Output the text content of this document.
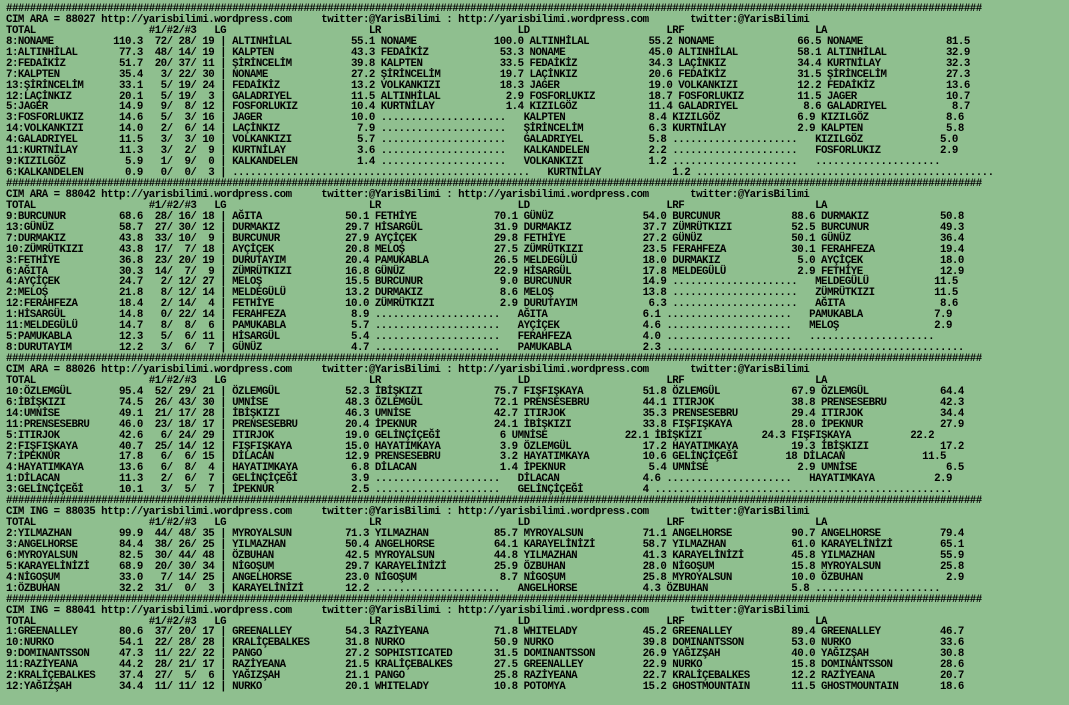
####################################################################################################################################################################
CIM ARA = 88027 http://yarisbilimi.wordpress.com     twitter:@YarisBilimi : http://yarisbilimi.wordpress.com       twitter:@YarisBilimi
TOTAL                   #1/#2/#3   LG                        LR                       LD                       LRF                      LA
8:NONAME          110.3  72/ 28/ 19 | ALTINHİLAL          55.1 NONAME             100.0 ALTINHİLAL          55.2 NONAME              66.5 NONAME              81.5
1:ALTINHİLAL       77.3  48/ 14/ 19 | KALPTEN             43.3 FEDAİKİZ            53.3 NONAME              45.0 ALTINHİLAL          58.1 ALTINHİLAL          32.9
2:FEDAİKİZ         51.7  20/ 37/ 11 | ŞİRİNCELİM          39.8 KALPTEN             33.5 FEDAİKİZ            34.3 LAÇİNKIZ            34.4 KURTNİLAY           32.3
7:KALPTEN          35.4   3/ 22/ 30 | NONAME              27.2 ŞİRİNCELİM          19.7 LAÇİNKIZ            20.6 FEDAİKİZ            31.5 ŞİRİNCELİM          27.3
13:ŞİRİNCELİM      33.1   5/ 19/ 24 | FEDAİKİZ            13.2 VOLKANKIZI          18.3 JAGER               19.0 VOLKANKIZI          12.2 FEDAİKİZ            13.6
12:LAÇİNKIZ        20.1   5/ 19/  3 | GALADRIYEL          11.5 ALTINHİLAL           2.9 FOSFORLUKIZ         18.7 FOSFORLUKIZ         11.5 JAGER               10.7
5:JAGER            14.9   9/  8/ 12 | FOSFORLUKIZ         10.4 KURTNİLAY            1.4 KIZILGÖZ            11.4 GALADRIYEL           8.6 GALADRIYEL           8.7
3:FOSFORLUKIZ      14.6   5/  3/ 16 | JAGER               10.0 .....................   KALPTEN              8.4 KIZILGÖZ             6.9 KIZILGÖZ             8.6
14:VOLKANKIZI      14.0   2/  6/ 14 | LAÇİNKIZ             7.9 .....................   ŞİRİNCELİM           6.3 KURTNİLAY            2.9 KALPTEN              5.8
4:GALADRIYEL       11.5   3/  3/ 10 | VOLKANKIZI           5.7 .....................   GALADRIYEL           5.8 .....................   KIZILGÖZ             5.0
11:KURTNİLAY       11.3   3/  2/  9 | KURTNİLAY            3.6 .....................   KALKANDELEN          2.2 .....................   FOSFORLUKIZ          2.9
9:KIZILGÖZ          5.9   1/  9/  0 | KALKANDELEN          1.4 .....................   VOLKANKIZI           1.2 .....................   .....................
6:KALKANDELEN       0.9   0/  0/  3 | ..................................................   KURTNİLAY            1.2 ..................................................
####################################################################################################################################################################
CIM ARA = 88042 http://yarisbilimi.wordpress.com     twitter:@YarisBilimi : http://yarisbilimi.wordpress.com       twitter:@YarisBilimi
TOTAL                   #1/#2/#3   LG                        LR                       LD                       LRF                      LA
9:BURCUNUR         68.6  28/ 16/ 18 | AĞITA              50.1 FETHİYE             70.1 GÜNÜZ               54.0 BURCUNUR            88.6 DURMAKIZ            50.8
13:GÜNÜZ           58.7  27/ 30/ 12 | DURMAKIZ           29.7 HİSARGÜL            31.9 DURMAKIZ            37.7 ZÜMRÜTKIZI          52.5 BURCUNUR            49.3
7:DURMAKIZ         43.8  33/ 10/  9 | BURCUNUR           27.9 AYÇİÇEK             29.8 FETHİYE             27.2 GÜNÜZ               50.1 GÜNÜZ               36.4
10:ZÜMRÜTKIZI      43.8  17/  7/ 18 | AYÇİÇEK            20.8 MELOŞ               27.5 ZÜMRÜTKIZI          23.5 FERAHFEZA           30.1 FERAHFEZA           19.4
3:FETHİYE          36.8  23/ 20/ 19 | DURUTAYIM          20.4 PAMUKABLA           26.5 MELDEGÜLÜ           18.0 DURMAKIZ             5.0 AYÇİÇEK             18.0
6:AĞITA            30.3  14/  7/  9 | ZÜMRÜTKIZI         16.8 GÜNÜZ               22.9 HİSARGÜL            17.8 MELDEGÜLÜ            2.9 FETHİYE             12.9
4:AYÇİÇEK          24.7   2/ 12/ 27 | MELOŞ              15.5 BURCUNUR             9.0 BURCUNUR            14.9 .....................   MELDEGÜLÜ           11.5
2:MELOŞ            21.8   8/ 12/ 14 | MELDEGÜLÜ          13.2 DURMAKIZ             8.6 MELOŞ               13.8 .....................   ZÜMRÜTKIZI          11.5
12:FERAHFEZA       18.4   2/ 14/  4 | FETHİYE            10.0 ZÜMRÜTKIZI           2.9 DURUTAYIM            6.3 .....................   AĞITA                8.6
1:HİSARGÜL         14.8   0/ 22/ 14 | FERAHFEZA           8.9 .....................   AĞITA                6.1 .....................   PAMUKABLA            7.9
11:MELDEGÜLÜ       14.7   8/  8/  6 | PAMUKABLA           5.7 .....................   AYÇİÇEK              4.6 .....................   MELOŞ                2.9
5:PAMUKABLA        12.3   5/  6/ 11 | HİSARGÜL            5.4 .....................   FERAHFEZA            4.0 .....................   .....................
8:DURUTAYIM        12.2   3/  6/  7 | GÜNÜZ               4.7 .....................   PAMUKABLA            2.3 ..................................................
####################################################################################################################################################################
CIM ARA = 88026 http://yarisbilimi.wordpress.com     twitter:@YarisBilimi : http://yarisbilimi.wordpress.com       twitter:@YarisBilimi
TOTAL                   #1/#2/#3   LG                        LR                       LD                       LRF                      LA
10:ÖZLEMGÜL        95.4  52/ 29/ 21 | ÖZLEMGÜL           52.3 İBİŞKIZI            75.7 FIŞFIŞKAYA          51.8 ÖZLEMGÜL            67.9 ÖZLEMGÜL            64.4
6:İBİŞKIZI         74.5  26/ 43/ 30 | UMNİSE             48.3 ÖZLEMGÜL            72.1 PRENSESEBRU         44.1 ITIRJOK             38.8 PRENSESEBRU         42.3
14:UMNİSE          49.1  21/ 17/ 28 | İBİŞKIZI           46.3 UMNİSE              42.7 ITIRJOK             35.3 PRENSESEBRU         29.4 ITIRJOK             34.4
11:PRENSESEBRU     46.0  23/ 18/ 17 | PRENSESEBRU        20.4 İPEKNUR             24.1 İBİŞKIZI            33.8 FIŞFIŞKAYA          28.0 İPEKNUR             27.9
5:ITIRJOK          42.6   6/ 24/ 29 | ITIRJOK            19.0 GELİNÇİÇEĞİ          6 UMNİSE             22.1 İBİŞKIZI          24.3 FIŞFIŞKAYA          22.2
2:FIŞFIŞKAYA       40.7  25/ 14/ 12 | FIŞFIŞKAYA         15.0 HAYATIMKAYA          3.9 ÖZLEMGÜL            17.2 HAYATIMKAYA         19.3 İBİŞKIZI            17.2
7:İPEKNUR          17.8   6/  6/ 15 | DİLACAN            12.9 PRENSESEBRU          3.2 HAYATIMKAYA         10.6 GELİNÇİÇEĞİ        18 DİLACAN             11.5
4:HAYATIMKAYA      13.6   6/  8/  4 | HAYATIMKAYA         6.8 DİLACAN              1.4 İPEKNUR              5.4 UMNİSE               2.9 UMNİSE               6.5
1:DİLACAN          11.3   2/  6/  7 | GELİNÇİÇEĞİ         3.9 .....................   DİLACAN              4.6 .....................   HAYATIMKAYA          2.9
3:GELİNÇİÇEĞİ      10.1   3/  5/  7 | İPEKNUR             2.5 .....................   GELİNÇİÇEĞİ          4 ..................................................
####################################################################################################################################################################
CIM ING = 88035 http://yarisbilimi.wordpress.com     twitter:@YarisBilimi : http://yarisbilimi.wordpress.com       twitter:@YarisBilimi
TOTAL                   #1/#2/#3   LG                        LR                       LD                       LRF                      LA
2:YILMAZHAN        99.9  44/ 48/ 35 | MYROYALSUN         71.3 YILMAZHAN           85.7 MYROYALSUN          71.1 ANGELHORSE          90.7 ANGELHORSE          79.4
3:ANGELHORSE       84.4  38/ 26/ 25 | YILMAZHAN          50.4 ANGELHORSE          64.1 KARAYELİNİZİ        58.7 YILMAZHAN           61.0 KARAYELİNİZİ        65.1
6:MYROYALSUN       82.5  30/ 44/ 48 | ÖZBUHAN            42.5 MYROYALSUN          44.8 YILMAZHAN           41.3 KARAYELİNİZİ        45.8 YILMAZHAN           55.9
5:KARAYELİNİZİ     68.9  20/ 30/ 34 | NİGOŞUM            29.7 KARAYELİNİZİ        25.9 ÖZBUHAN             28.0 NİGOŞUM             15.8 MYROYALSUN          25.8
4:NİGOŞUM          33.0   7/ 14/ 25 | ANGELHORSE         23.0 NİGOŞUM              8.7 NİGOŞUM             25.8 MYROYALSUN          10.0 ÖZBUHAN              2.9
1:ÖZBUHAN          32.2  31/  0/  3 | KARAYELİNİZİ       12.2 .....................   ANGELHORSE           4.3 ÖZBUHAN              5.8 .....................
####################################################################################################################################################################
CIM ING = 88041 http://yarisbilimi.wordpress.com     twitter:@YarisBilimi : http://yarisbilimi.wordpress.com       twitter:@YarisBilimi
TOTAL                   #1/#2/#3   LG                        LR                       LD                       LRF                      LA
1:GREENALLEY       80.6  37/ 20/ 17 | GREENALLEY         54.3 RAZİYEANA           71.8 WHITELADY           45.2 GREENALLEY          89.4 GREENALLEY          46.7
10:NURKO           54.1  22/ 28/ 28 | KRALİÇEBALKES      31.8 NURKO               50.9 NURKO               39.8 DOMINANTSSON        53.0 NURKO               33.6
9:DOMINANTSSON     47.3  11/ 22/ 22 | PANGO              27.2 SOPHISTICATED       31.5 DOMINANTSSON        26.9 YAĞIZŞAH            40.0 YAĞIZŞAH            30.8
11:RAZİYEANA       44.2  28/ 21/ 17 | RAZİYEANA          21.5 KRALİÇEBALKES       27.5 GREENALLEY          22.9 NURKO               15.8 DOMINANTSSON        28.6
2:KRALİÇEBALKES    37.4  27/  5/  6 | YAĞIZŞAH           21.1 PANGO               25.8 RAZİYEANA           22.7 KRALİÇEBALKES       12.2 RAZİYEANA           20.7
12:YAĞIZŞAH        34.4  11/ 11/ 12 | NURKO              20.1 WHITELADY           10.8 POTOMYA             15.2 GHOSTMOUNTAIN       11.5 GHOSTMOUNTAIN       18.6
